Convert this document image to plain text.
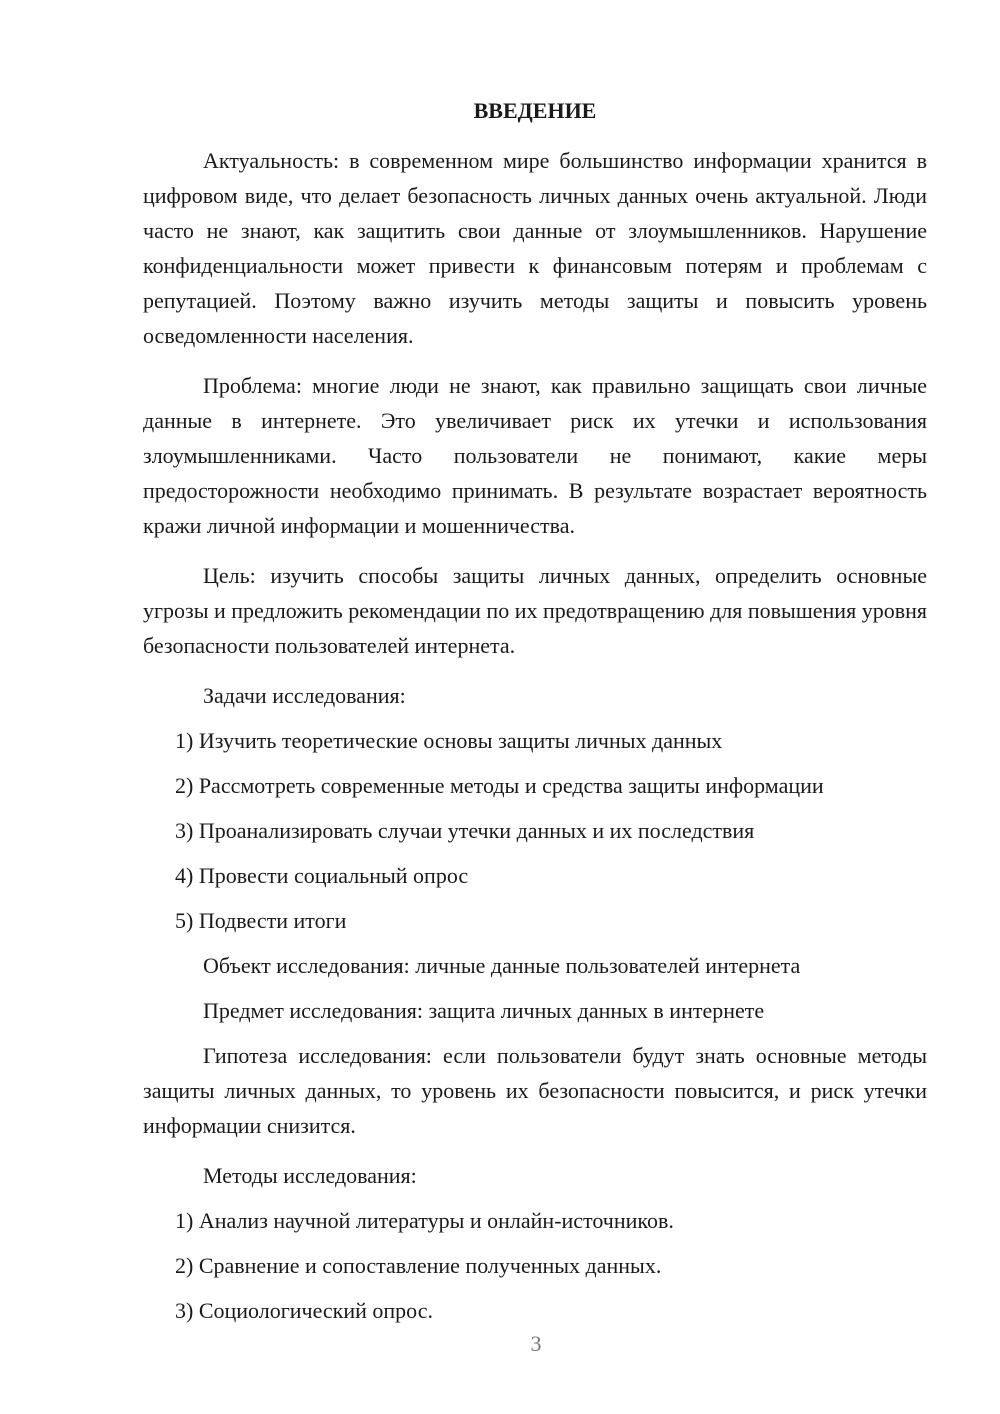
ВВЕДЕНИЕ

Актуальность: в современном мире большинство информации хранится в цифровом виде, что делает безопасность личных данных очень актуальной. Люди часто не знают, как защитить свои данные от злоумышленников. Нарушение конфиденциальности может привести к финансовым потерям и проблемам с репутацией. Поэтому важно изучить методы защиты и повысить уровень осведомленности населения.

Проблема: многие люди не знают, как правильно защищать свои личные данные в интернете. Это увеличивает риск их утечки и использования злоумышленниками. Часто пользователи не понимают, какие меры предосторожности необходимо принимать. В результате возрастает вероятность кражи личной информации и мошенничества.

Цель: изучить способы защиты личных данных, определить основные угрозы и предложить рекомендации по их предотвращению для повышения уровня безопасности пользователей интернета.

Задачи исследования:
1) Изучить теоретические основы защиты личных данных
2) Рассмотреть современные методы и средства защиты информации
3) Проанализировать случаи утечки данных и их последствия
4) Провести социальный опрос
5) Подвести итоги
Объект исследования: личные данные пользователей интернета
Предмет исследования: защита личных данных в интернете

Гипотеза исследования: если пользователи будут знать основные методы защиты личных данных, то уровень их безопасности повысится, и риск утечки информации снизится.

Методы исследования:
1) Анализ научной литературы и онлайн-источников.
2) Сравнение и сопоставление полученных данных.
3) Социологический опрос.
3
